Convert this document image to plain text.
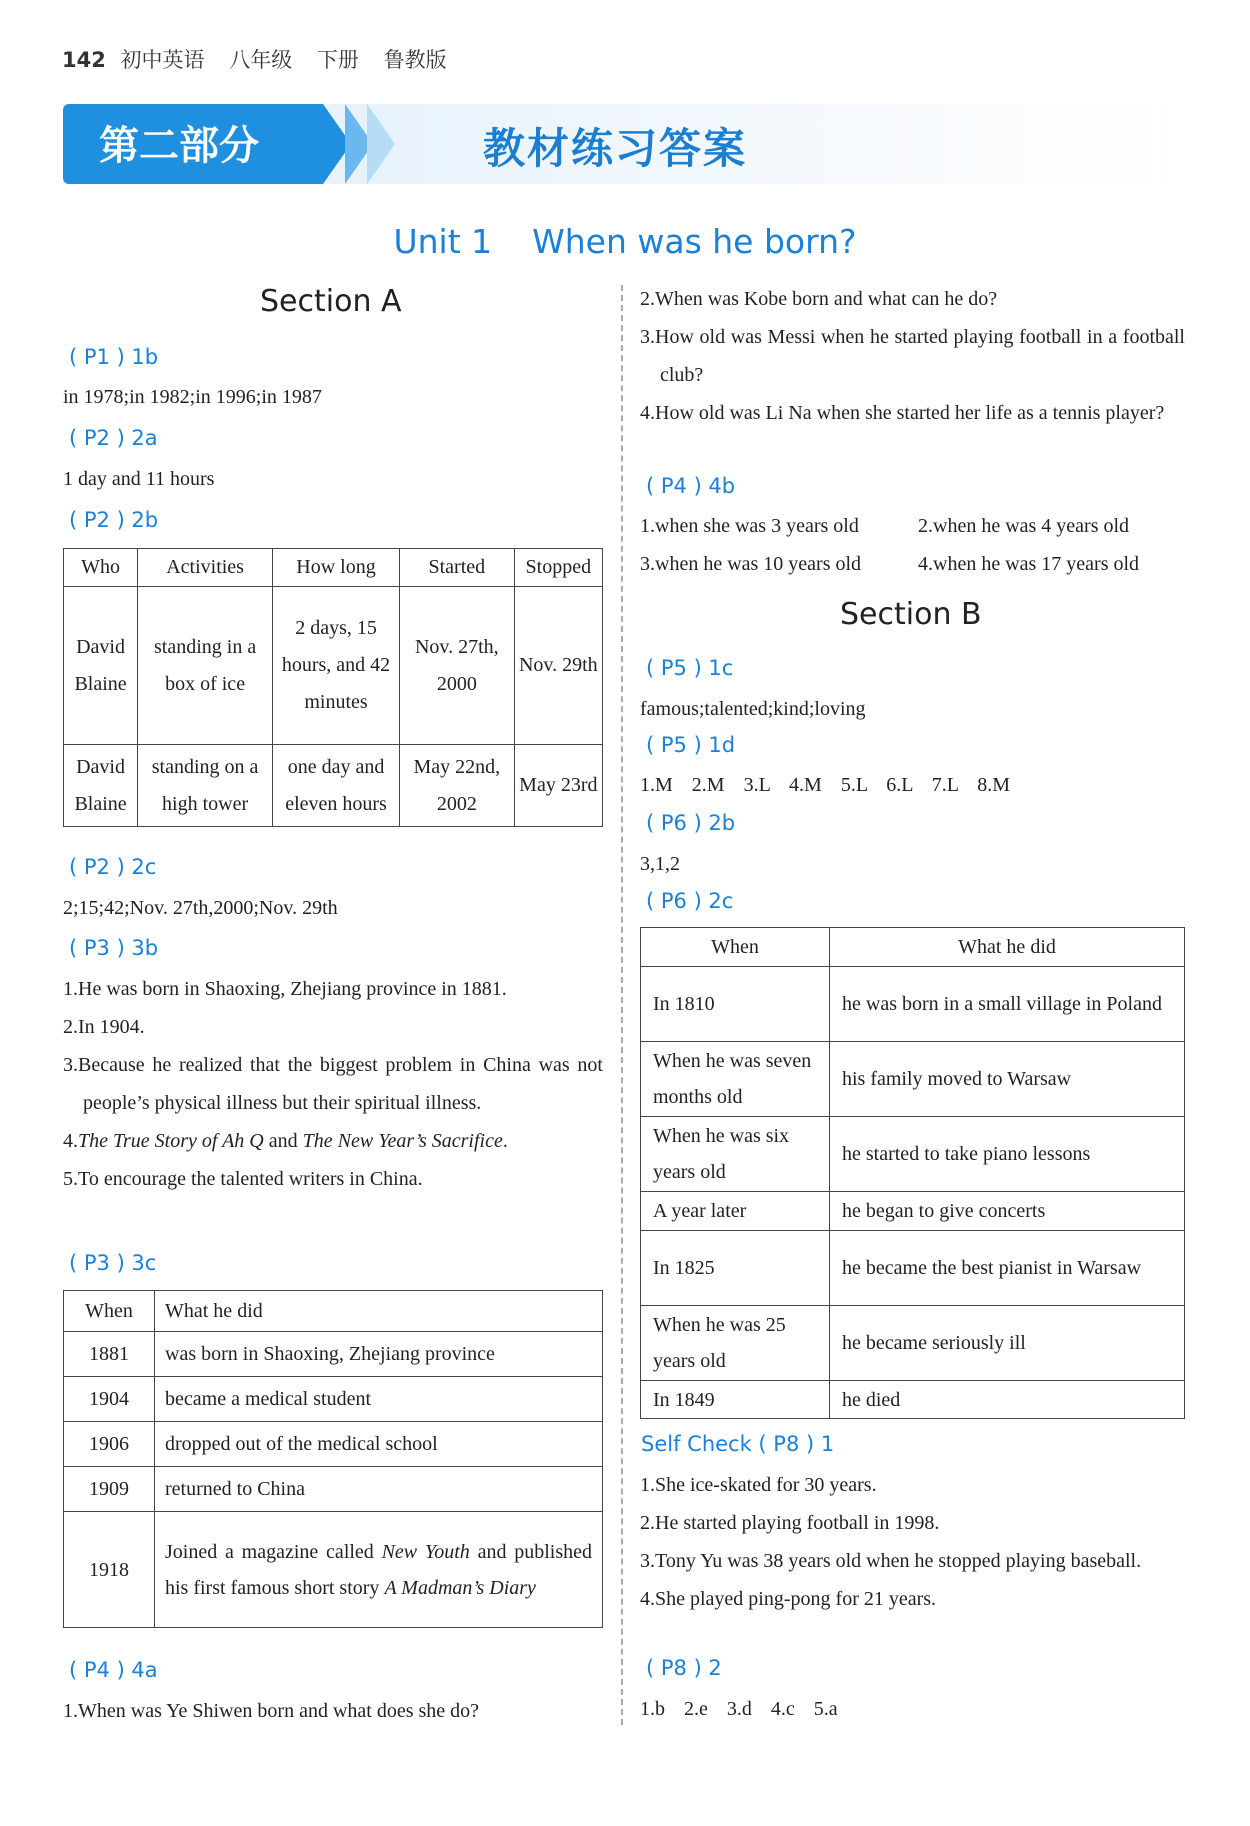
142 初中英语 八年级 下册 鲁教版
第二部分	教材练习答案
Unit 1 When was he born?
Section A
( P1 ) 1b
in 1978;in 1982;in 1996;in 1987
( P2 ) 2a
1 day and 11 hours
( P2 ) 2b
Who	Activities	How long	Started	Stopped
David Blaine	standing in a box of ice	2 days, 15 hours, and 42 minutes	Nov. 27th, 2000	Nov. 29th
David Blaine	standing on a high tower	one day and eleven hours	May 22nd, 2002	May 23rd
( P2 ) 2c
2;15;42;Nov. 27th,2000;Nov. 29th
( P3 ) 3b
1.He was born in Shaoxing, Zhejiang province in 1881.
2.In 1904.
3.Because he realized that the biggest problem in China was not people’s physical illness but their spiritual illness.
4.The True Story of Ah Q and The New Year’s Sacrifice.
5.To encourage the talented writers in China.
( P3 ) 3c
When	What he did
1881	was born in Shaoxing, Zhejiang province
1904	became a medical student
1906	dropped out of the medical school
1909	returned to China
1918	Joined a magazine called New Youth and published his first famous short story A Madman’s Diary
( P4 ) 4a
1.When was Ye Shiwen born and what does she do?
2.When was Kobe born and what can he do?
3.How old was Messi when he started playing football in a football club?
4.How old was Li Na when she started her life as a tennis player?
( P4 ) 4b
1.when she was 3 years old	2.when he was 4 years old
3.when he was 10 years old	4.when he was 17 years old
Section B
( P5 ) 1c
famous;talented;kind;loving
( P5 ) 1d
1.M 2.M 3.L 4.M 5.L 6.L 7.L 8.M
( P6 ) 2b
3,1,2
( P6 ) 2c
When	What he did
In 1810	he was born in a small village in Poland
When he was seven months old	his family moved to Warsaw
When he was six years old	he started to take piano lessons
A year later	he began to give concerts
In 1825	he became the best pianist in Warsaw
When he was 25 years old	he became seriously ill
In 1849	he died
Self Check ( P8 ) 1
1.She ice-skated for 30 years.
2.He started playing football in 1998.
3.Tony Yu was 38 years old when he stopped playing baseball.
4.She played ping-pong for 21 years.
( P8 ) 2
1.b 2.e 3.d 4.c 5.a
